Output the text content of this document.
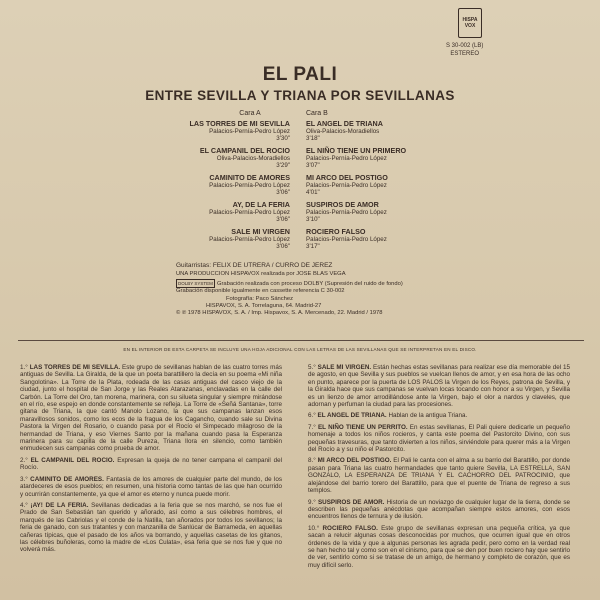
HISPA
VOX
S 30-002 (LB)
ESTEREO
EL PALI
ENTRE SEVILLA Y TRIANA POR SEVILLANAS
Cara A
LAS TORRES DE MI SEVILLA
Palacios-Pernía-Pedro López
3'30"
EL CAMPANIL DEL ROCIO
Oliva-Palacios-Moradiellos
3'29"
CAMINITO DE AMORES
Palacios-Pernía-Pedro López
3'06"
AY, DE LA FERIA
Palacios-Pernía-Pedro López
3'06"
SALE MI VIRGEN
Palacios-Pernía-Pedro López
3'06"
Cara B
EL ANGEL DE TRIANA
Oliva-Palacios-Moradiellos
3'18"
EL NIÑO TIENE UN PRIMERO
Palacios-Pernía-Pedro López
3'07"
MI ARCO DEL POSTIGO
Palacios-Pernía-Pedro López
4'01"
SUSPIROS DE AMOR
Palacios-Pernía-Pedro López
3'10"
ROCIERO FALSO
Palacios-Pernía-Pedro López
3'17"
Guitarristas: FELIX DE UTRERA / CURRO DE JEREZ
UNA PRODUCCION HISPAVOX realizada por JOSE BLAS VEGA
DOLBY SYSTEM Grabación realizada con proceso DOLBY (Supresión del ruido de fondo)
Grabación disponible igualmente en cassette referencia C 30-002
Fotografía: Paco Sánchez
HISPAVOX, S. A. Torrelaguna, 64. Madrid-27
© ℗ 1978 HISPAVOX, S. A. / Imp. Hispavox, S. A. Mercenado, 22. Madrid / 1978
EN EL INTERIOR DE ESTA CARPETA SE INCLUYE UNA HOJA ADICIONAL CON LAS LETRAS DE LAS SEVILLANAS QUE SE INTERPRETAN EN EL DISCO.
1.° LAS TORRES DE MI SEVILLA. Este grupo de sevillanas hablan de las cuatro torres más antiguas de Sevilla. La Giralda, de la que un poeta barattillero la decía en su poema «Mi niña Sangolotina». La Torre de la Plata, rodeada de las casas antiguas del casco viejo de la ciudad, junto el hospital de San Jorge y las Reales Atarazanas, enclavadas en la calle del Carbón. La Torre del Oro, tan morena, marinera, con su silueta singular y siempre mirándose en el río, ese espejo en donde constantemente se refleja. La Torre de «Señá Santana», torre gitana de Triana, la que cantó Manolo Lozano, la que sus campanas lanzan esos maravillosos sonidos, como los ecos de la fragua de los Cagancho, cuando sale su Divina Pastora la Virgen del Rosario, o cuando pasa por el Rocío el Simpecado milagroso de la hermandad de Triana, y eso Viernes Santo por la mañana cuando pasa la Esperanza marinera para su capilla de la calle Pureza, Triana llora en silencio, como también enmudecen sus campanas como prueba de amor.
2.° EL CAMPANIL DEL ROCIO. Expresan la queja de no tener campana el campanil del Rocío.
3.° CAMINITO DE AMORES. Fantasía de los amores de cualquier parte del mundo, de los atardeceres de esos pueblos; en resumen, una historia como tantas de las que han ocurrido y ocurrirán constantemente, ya que el amor es eterno y nunca puede morir.
4.° ¡AY! DE LA FERIA. Sevillanas dedicadas a la feria que se nos marchó, se nos fue el Prado de San Sebastián tan querido y añorado, así como a sus célebres hombres, el marqués de las Cabriolas y el conde de la Natilla, tan añorados por todos los sevillanos; la feria de ganado, con sus tratantes y con manzanilla de Sanlúcar de Barrameda, en aquellas cañeras típicas, que el pasado de los años va borrando, y aquellas casetas de los gitanos, las célebres buñoleras, como la madre de «Los Culata», esa feria que se nos fue y que no volverá más.
5.° SALE MI VIRGEN. Están hechas estas sevillanas para realizar ese día memorable del 15 de agosto, en que Sevilla y sus pueblos se vuelcan llenos de amor, y en esa hora de las ocho en punto, aparece por la puerta de LOS PALOS la Virgen de los Reyes, patrona de Sevilla, y la Giralda hace que sus campanas se vuelvan locas tocando con honor a su Virgen, y Sevilla es un lienzo de amor arrodillándose ante la Virgen, bajo el olor a nardos y claveles, que adornan y perfuman la ciudad para las procesiones.
6.° EL ANGEL DE TRIANA. Hablan de la antigua Triana.
7.° EL NIÑO TIENE UN PERRITO. En estas sevillanas, El Pali quiere dedicarle un pequeño homenaje a todos los niños rocieros, y canta este poema del Pastorcito Divino, con sus pequeñas travesuras, que tanto divierten a los niños, sirviéndole para querer más a la Virgen del Rocío a y su niño el Pastorcito.
8.° MI ARCO DEL POSTIGO. El Pali le canta con el alma a su barrio del Barattillo, por donde pasan para Triana las cuatro hermandades que tanto quiere Sevilla, LA ESTRELLA, SAN GONZALO, LA ESPERANZA DE TRIANA Y EL CACHORRO DEL PATROCINIO, que alejándose del barrio torero del Barattillo, para que el puente de Triana de regreso a sus templos.
9.° SUSPIROS DE AMOR. Historia de un noviazgo de cualquier lugar de la tierra, donde se describen las pequeñas anécdotas que acompañan siempre estos amores, con esos encuentros llenos de ternura y de ilusión.
10.° ROCIERO FALSO. Este grupo de sevillanas expresan una pequeña crítica, ya que sacan a relucir algunas cosas desconocidas por muchos, que ocurren igual que en otros órdenes de la vida y que a algunas personas les agrada pedir, pero como en la verdad real se han hecho tal y como son en el cinismo, para que se den por buen rociero hay que sentirlo de ver, sentirlo como si se tratase de un amigo, de hermano y completo de corazón, que es muy difícil serlo.
